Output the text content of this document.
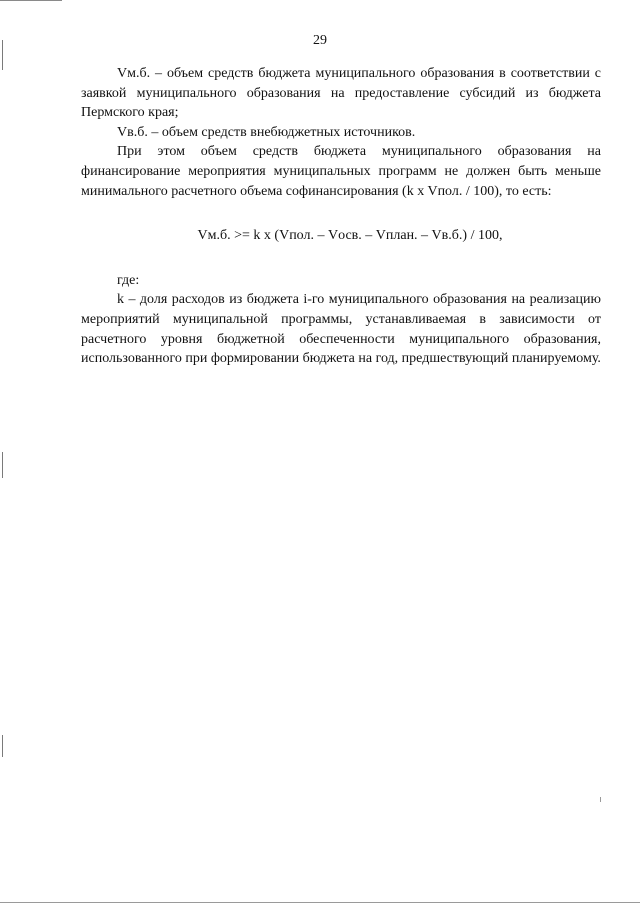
29

Vм.б. – объем средств бюджета муниципального образования в соответствии с заявкой муниципального образования на предоставление субсидий из бюджета Пермского края;

Vв.б. – объем средств внебюджетных источников.

При этом объем средств бюджета муниципального образования на финансирование мероприятия муниципальных программ не должен быть меньше минимального расчетного объема софинансирования (k x Vпол. / 100), то есть:

Vм.б. >= k x (Vпол. – Vосв. – Vплан. – Vв.б.) / 100,

где:

k – доля расходов из бюджета i-го муниципального образования на реализацию мероприятий муниципальной программы, устанавливаемая в зависимости от расчетного уровня бюджетной обеспеченности муниципального образования, использованного при формировании бюджета на год, предшествующий планируемому.
